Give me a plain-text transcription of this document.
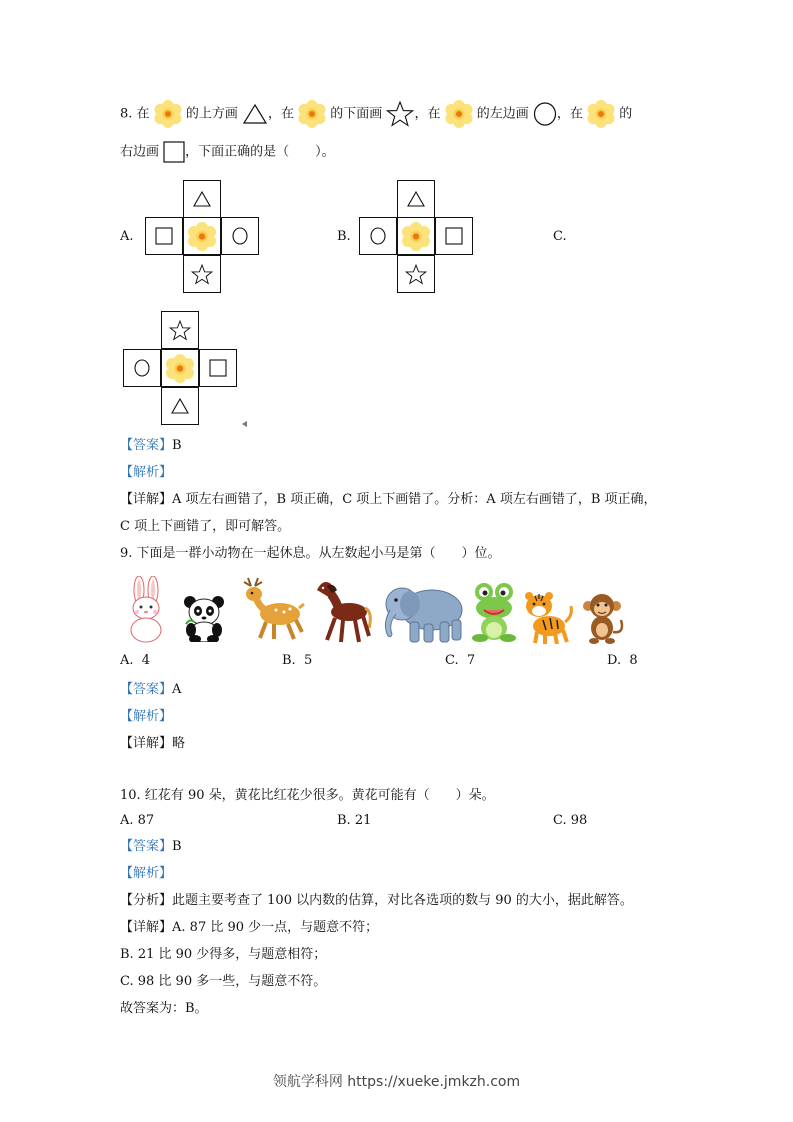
8. 在	的上方画 ，在	的下面画 ，在	的左边画 ，在	的
右边画 ，下面正确的是（　　）。
A.	B.	C.
【答案】B
【解析】
【详解】A 项左右画错了，B 项正确，C 项上下画错了。分析：A 项左右画错了，B 项正确，
C 项上下画错了，即可解答。
9. 下面是一群小动物在一起休息。从左数起小马是第（　　）位。
A. 4	B. 5	C. 7	D. 8
【答案】A
【解析】
【详解】略
10. 红花有 90 朵，黄花比红花少很多。黄花可能有（　　）朵。
A. 87	B. 21	C. 98
【答案】B
【解析】
【分析】此题主要考查了 100 以内数的估算，对比各选项的数与 90 的大小，据此解答。
【详解】A. 87 比 90 少一点，与题意不符；
B. 21 比 90 少得多，与题意相符；
C. 98 比 90 多一些，与题意不符。
故答案为：B。
领航学科网 https://xueke.jmkzh.com
